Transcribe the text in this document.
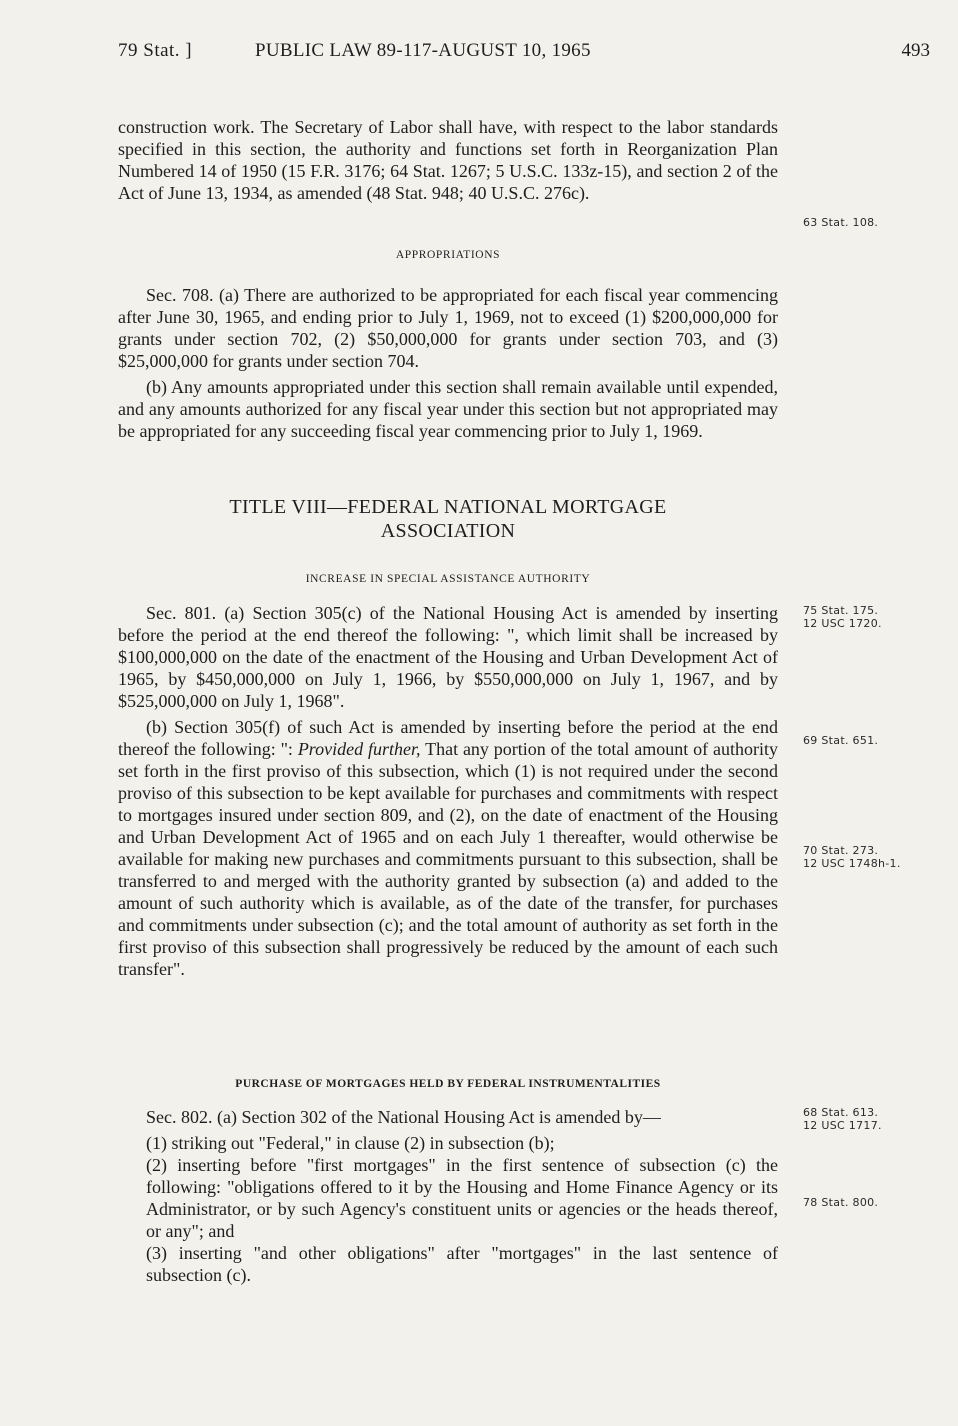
79 Stat. ]	PUBLIC LAW 89-117-AUGUST 10, 1965	493

construction work. The Secretary of Labor shall have, with respect to the labor standards specified in this section, the authority and functions set forth in Reorganization Plan Numbered 14 of 1950 (15 F.R. 3176; 64 Stat. 1267; 5 U.S.C. 133z-15), and section 2 of the Act of June 13, 1934, as amended (48 Stat. 948; 40 U.S.C. 276c).

APPROPRIATIONS

Sec. 708. (a) There are authorized to be appropriated for each fiscal year commencing after June 30, 1965, and ending prior to July 1, 1969, not to exceed (1) $200,000,000 for grants under section 702, (2) $50,000,000 for grants under section 703, and (3) $25,000,000 for grants under section 704.

(b) Any amounts appropriated under this section shall remain available until expended, and any amounts authorized for any fiscal year under this section but not appropriated may be appropriated for any succeeding fiscal year commencing prior to July 1, 1969.

TITLE VIII—FEDERAL NATIONAL MORTGAGE
ASSOCIATION
INCREASE IN SPECIAL ASSISTANCE AUTHORITY

Sec. 801. (a) Section 305(c) of the National Housing Act is amended by inserting before the period at the end thereof the following: ", which limit shall be increased by $100,000,000 on the date of the enactment of the Housing and Urban Development Act of 1965, by $450,000,000 on July 1, 1966, by $550,000,000 on July 1, 1967, and by $525,000,000 on July 1, 1968".

(b) Section 305(f) of such Act is amended by inserting before the period at the end thereof the following: ": Provided further, That any portion of the total amount of authority set forth in the first proviso of this subsection, which (1) is not required under the second proviso of this subsection to be kept available for purchases and commitments with respect to mortgages insured under section 809, and (2), on the date of enactment of the Housing and Urban Development Act of 1965 and on each July 1 thereafter, would otherwise be available for making new purchases and commitments pursuant to this subsection, shall be transferred to and merged with the authority granted by subsection (a) and added to the amount of such authority which is available, as of the date of the transfer, for purchases and commitments under subsection (c); and the total amount of authority as set forth in the first proviso of this subsection shall progressively be reduced by the amount of each such transfer".

PURCHASE OF MORTGAGES HELD BY FEDERAL INSTRUMENTALITIES

Sec. 802. (a) Section 302 of the National Housing Act is amended by—

(1) striking out "Federal," in clause (2) in subsection (b);

(2) inserting before "first mortgages" in the first sentence of subsection (c) the following: "obligations offered to it by the Housing and Home Finance Agency or its Administrator, or by such Agency's constituent units or agencies or the heads thereof, or any"; and

(3) inserting "and other obligations" after "mortgages" in the last sentence of subsection (c).

63 Stat. 108.
75 Stat. 175.
12 USC 1720.
69 Stat. 651.
70 Stat. 273.
12 USC 1748h-1.
68 Stat. 613.
12 USC 1717.
78 Stat. 800.
